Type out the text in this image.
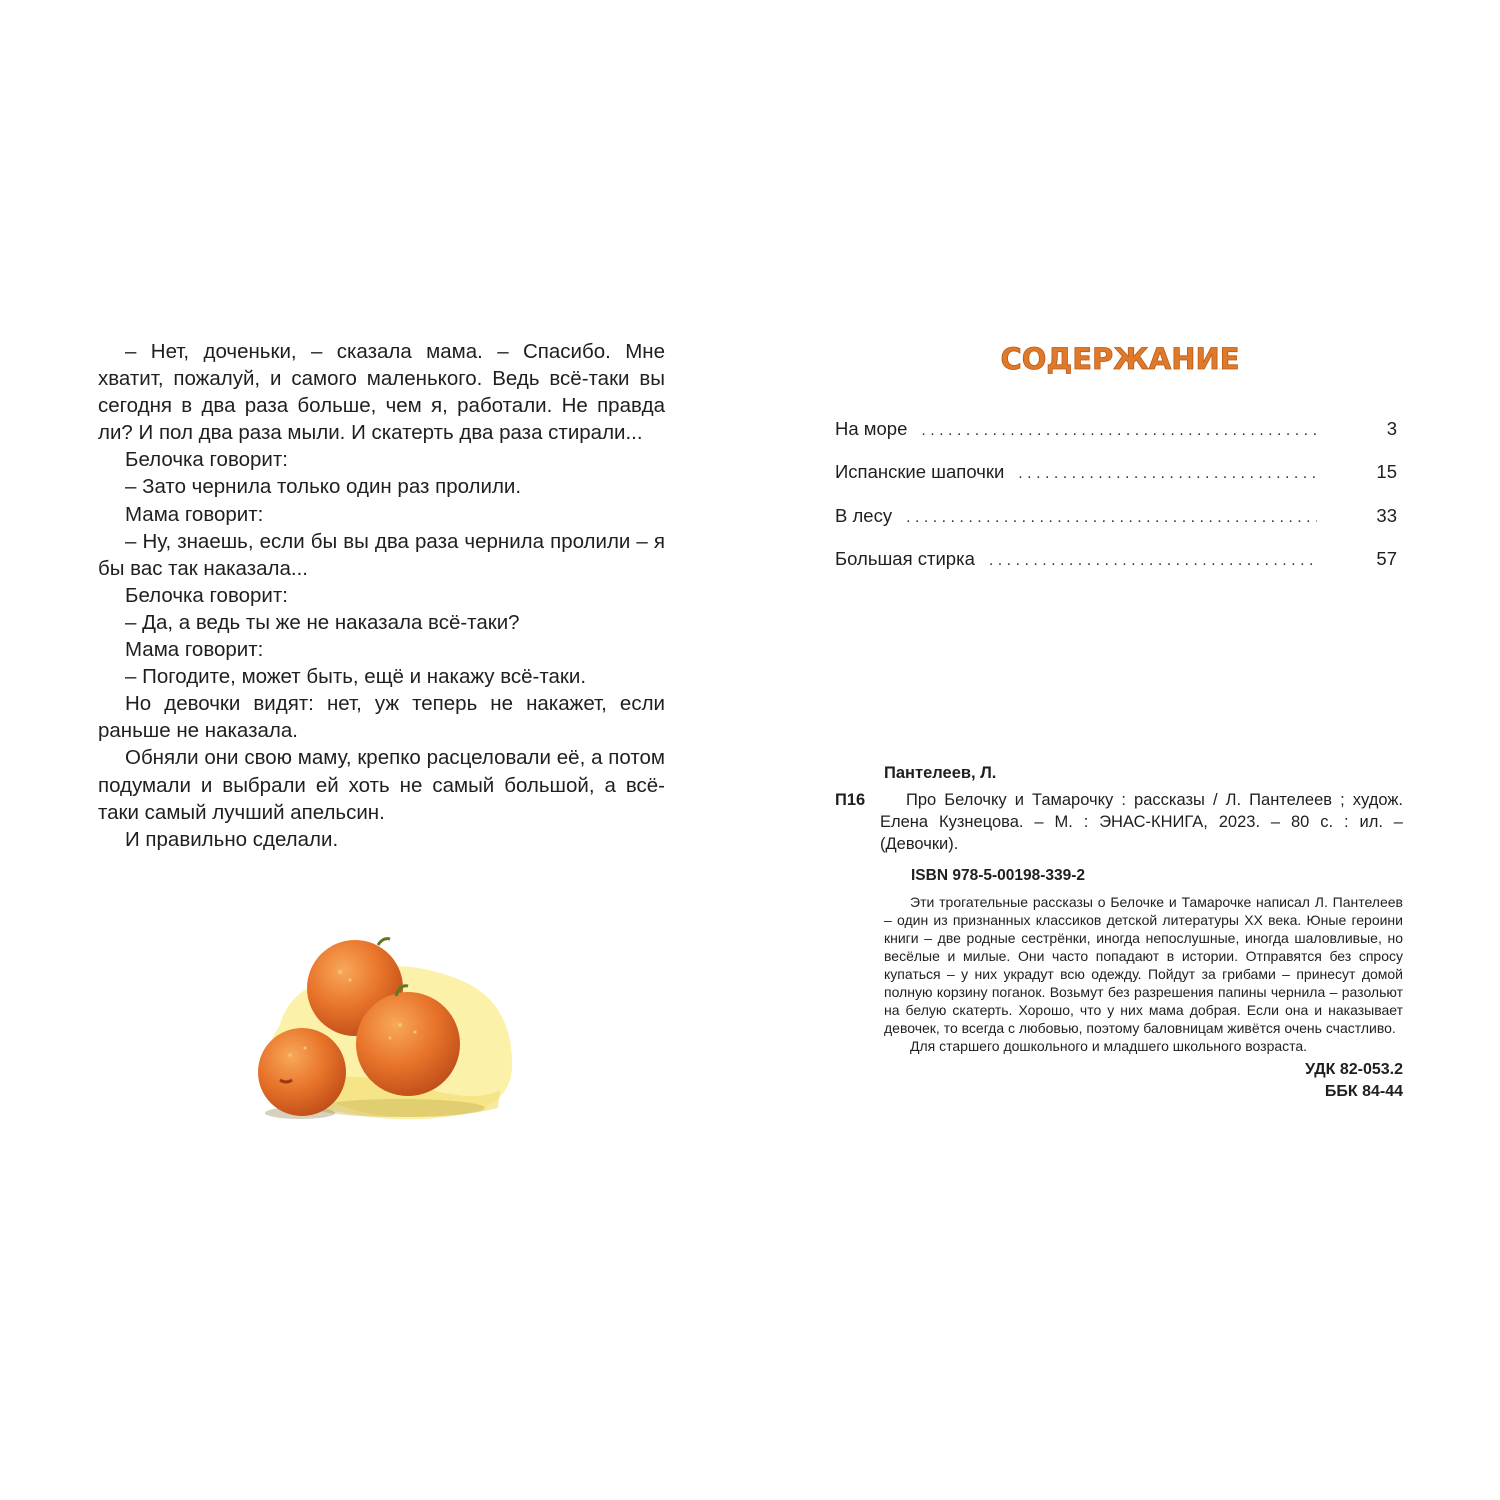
– Нет, доченьки, – сказала мама. – Спасибо. Мне хватит, пожалуй, и самого маленького. Ведь всё-таки вы сегодня в два раза больше, чем я, работали. Не правда ли? И пол два раза мыли. И скатерть два раза стирали...

Белочка говорит:

– Зато чернила только один раз пролили.

Мама говорит:

– Ну, знаешь, если бы вы два раза чернила пролили – я бы вас так наказала...

Белочка говорит:

– Да, а ведь ты же не наказала всё-таки?

Мама говорит:

– Погодите, может быть, ещё и накажу всё-таки.

Но девочки видят: нет, уж теперь не накажет, если раньше не наказала.

Обняли они свою маму, крепко расцеловали её, а потом подумали и выбрали ей хоть не самый большой, а всё-таки самый лучший апельсин.

И правильно сделали.

СОДЕРЖАНИЕ
На море . . .	3
Испанские шапочки . . .	15
В лесу . . .	33
Большая стирка . . .	57
Пантелеев, Л.
П16	Про Белочку и Тамарочку : рассказы / Л. Пантелеев ; худож. Елена Кузнецова. – М. : ЭНАС-КНИГА, 2023. – 80 с. : ил. – (Девочки).
ISBN 978-5-00198-339-2

Эти трогательные рассказы о Белочке и Тамарочке написал Л. Пантелеев – один из признанных классиков детской литературы XX века. Юные героини книги – две родные сестрёнки, иногда непослушные, иногда шаловливые, но весёлые и милые. Они часто попадают в истории. Отправятся без спросу купаться – у них украдут всю одежду. Пойдут за грибами – принесут домой полную корзину поганок. Возьмут без разрешения папины чернила – разольют на белую скатерть. Хорошо, что у них мама добрая. Если она и наказывает девочек, то всегда с любовью, поэтому баловницам живётся очень счастливо.

Для старшего дошкольного и младшего школьного возраста.

УДК 82-053.2
ББК 84-44
